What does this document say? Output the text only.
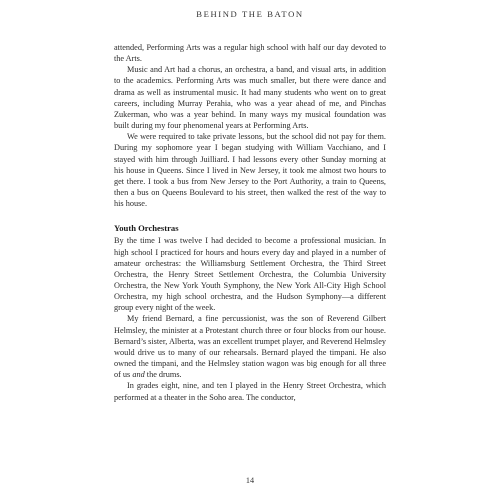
BEHIND THE BATON

attended, Performing Arts was a regular high school with half our day devoted to the Arts.

Music and Art had a chorus, an orchestra, a band, and visual arts, in addition to the academics. Performing Arts was much smaller, but there were dance and drama as well as instrumental music. It had many students who went on to great careers, including Murray Perahia, who was a year ahead of me, and Pinchas Zukerman, who was a year behind. In many ways my musical foundation was built during my four phenomenal years at Performing Arts.

We were required to take private lessons, but the school did not pay for them. During my sophomore year I began studying with William Vacchiano, and I stayed with him through Juilliard. I had lessons every other Sunday morning at his house in Queens. Since I lived in New Jersey, it took me almost two hours to get there. I took a bus from New Jersey to the Port Authority, a train to Queens, then a bus on Queens Boulevard to his street, then walked the rest of the way to his house.

Youth Orchestras

By the time I was twelve I had decided to become a professional musician. In high school I practiced for hours and hours every day and played in a number of amateur orchestras: the Williamsburg Settlement Orchestra, the Third Street Orchestra, the Henry Street Settlement Orchestra, the Columbia University Orchestra, the New York Youth Symphony, the New York All-City High School Orchestra, my high school orchestra, and the Hudson Symphony—a different group every night of the week.

My friend Bernard, a fine percussionist, was the son of Reverend Gilbert Helmsley, the minister at a Protestant church three or four blocks from our house. Bernard’s sister, Alberta, was an excellent trumpet player, and Reverend Helmsley would drive us to many of our rehearsals. Bernard played the timpani. He also owned the timpani, and the Helmsley station wagon was big enough for all three of us and the drums.

In grades eight, nine, and ten I played in the Henry Street Orchestra, which performed at a theater in the Soho area. The conductor,

14
